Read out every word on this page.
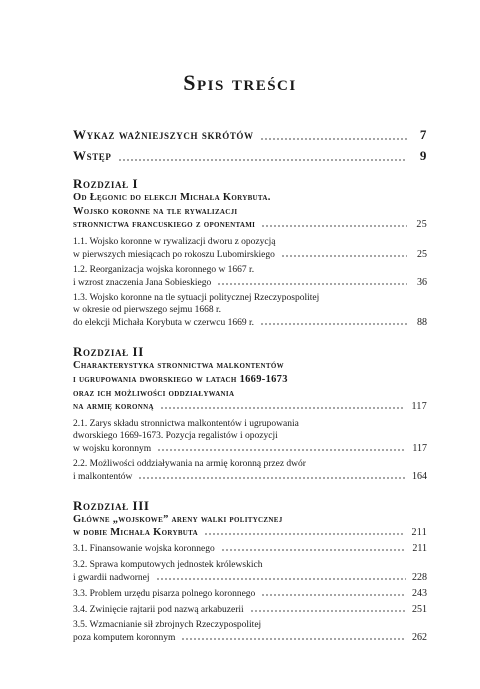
Spis treści
Wykaz ważniejszych skrótów	7
Wstęp	9
Rozdział I
Od Łęgonic do elekcji Michała Korybuta.
Wojsko koronne na tle rywalizacji
stronnictwa francuskiego z oponentami	25
1.1. Wojsko koronne w rywalizacji dworu z opozycją
w pierwszych miesiącach po rokoszu Lubomirskiego	25
1.2. Reorganizacja wojska koronnego w 1667 r.
i wzrost znaczenia Jana Sobieskiego	36
1.3. Wojsko koronne na tle sytuacji politycznej Rzeczypospolitej
w okresie od pierwszego sejmu 1668 r.
do elekcji Michała Korybuta w czerwcu 1669 r.	88
Rozdział II
Charakterystyka stronnictwa malkontentów
i ugrupowania dworskiego w latach 1669-1673
oraz ich możliwości oddziaływania
na armię koronną	117
2.1. Zarys składu stronnictwa malkontentów i ugrupowania
dworskiego 1669-1673. Pozycja regalistów i opozycji
w wojsku koronnym	117
2.2. Możliwości oddziaływania na armię koronną przez dwór
i malkontentów	164
Rozdział III
Główne „wojskowe” areny walki politycznej
w dobie Michała Korybuta	211
3.1. Finansowanie wojska koronnego	211
3.2. Sprawa komputowych jednostek królewskich
i gwardii nadwornej	228
3.3. Problem urzędu pisarza polnego koronnego	243
3.4. Zwinięcie rajtarii pod nazwą arkabuzerii	251
3.5. Wzmacnianie sił zbrojnych Rzeczypospolitej
poza komputem koronnym	262
